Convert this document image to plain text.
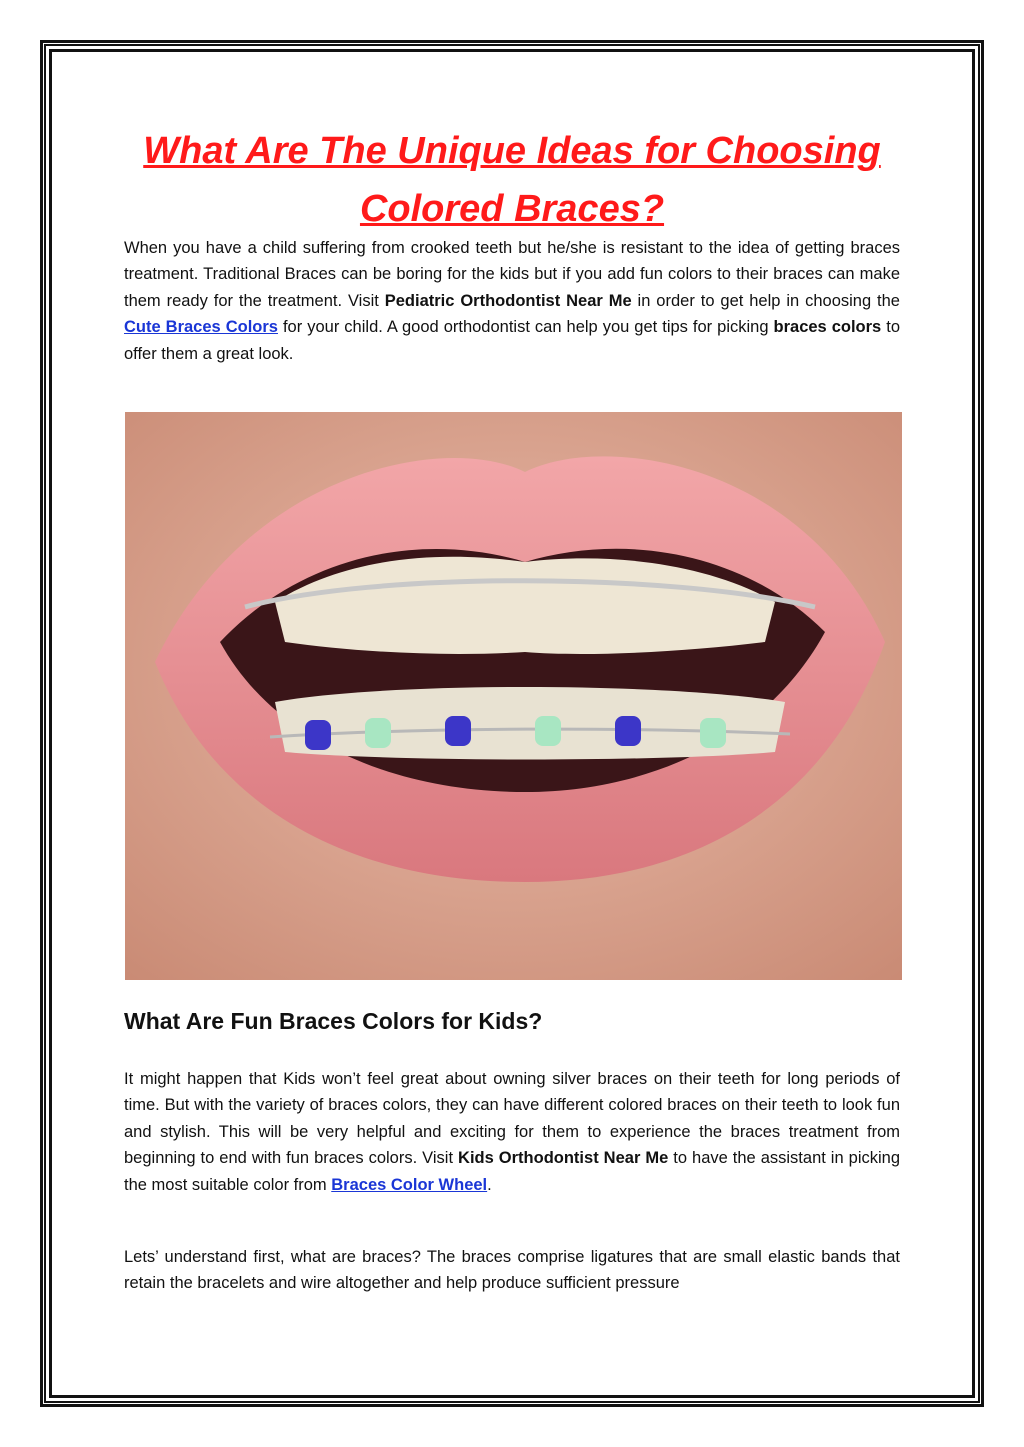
What Are The Unique Ideas for Choosing Colored Braces?

When you have a child suffering from crooked teeth but he/she is resistant to the idea of getting braces treatment. Traditional Braces can be boring for the kids but if you add fun colors to their braces can make them ready for the treatment. Visit Pediatric Orthodontist Near Me in order to get help in choosing the Cute Braces Colors for your child. A good orthodontist can help you get tips for picking braces colors to offer them a great look.

What Are Fun Braces Colors for Kids?

It might happen that Kids won’t feel great about owning silver braces on their teeth for long periods of time. But with the variety of braces colors, they can have different colored braces on their teeth to look fun and stylish. This will be very helpful and exciting for them to experience the braces treatment from beginning to end with fun braces colors. Visit Kids Orthodontist Near Me to have the assistant in picking the most suitable color from Braces Color Wheel.

Lets’ understand first, what are braces? The braces comprise ligatures that are small elastic bands that retain the bracelets and wire altogether and help produce sufficient pressure
